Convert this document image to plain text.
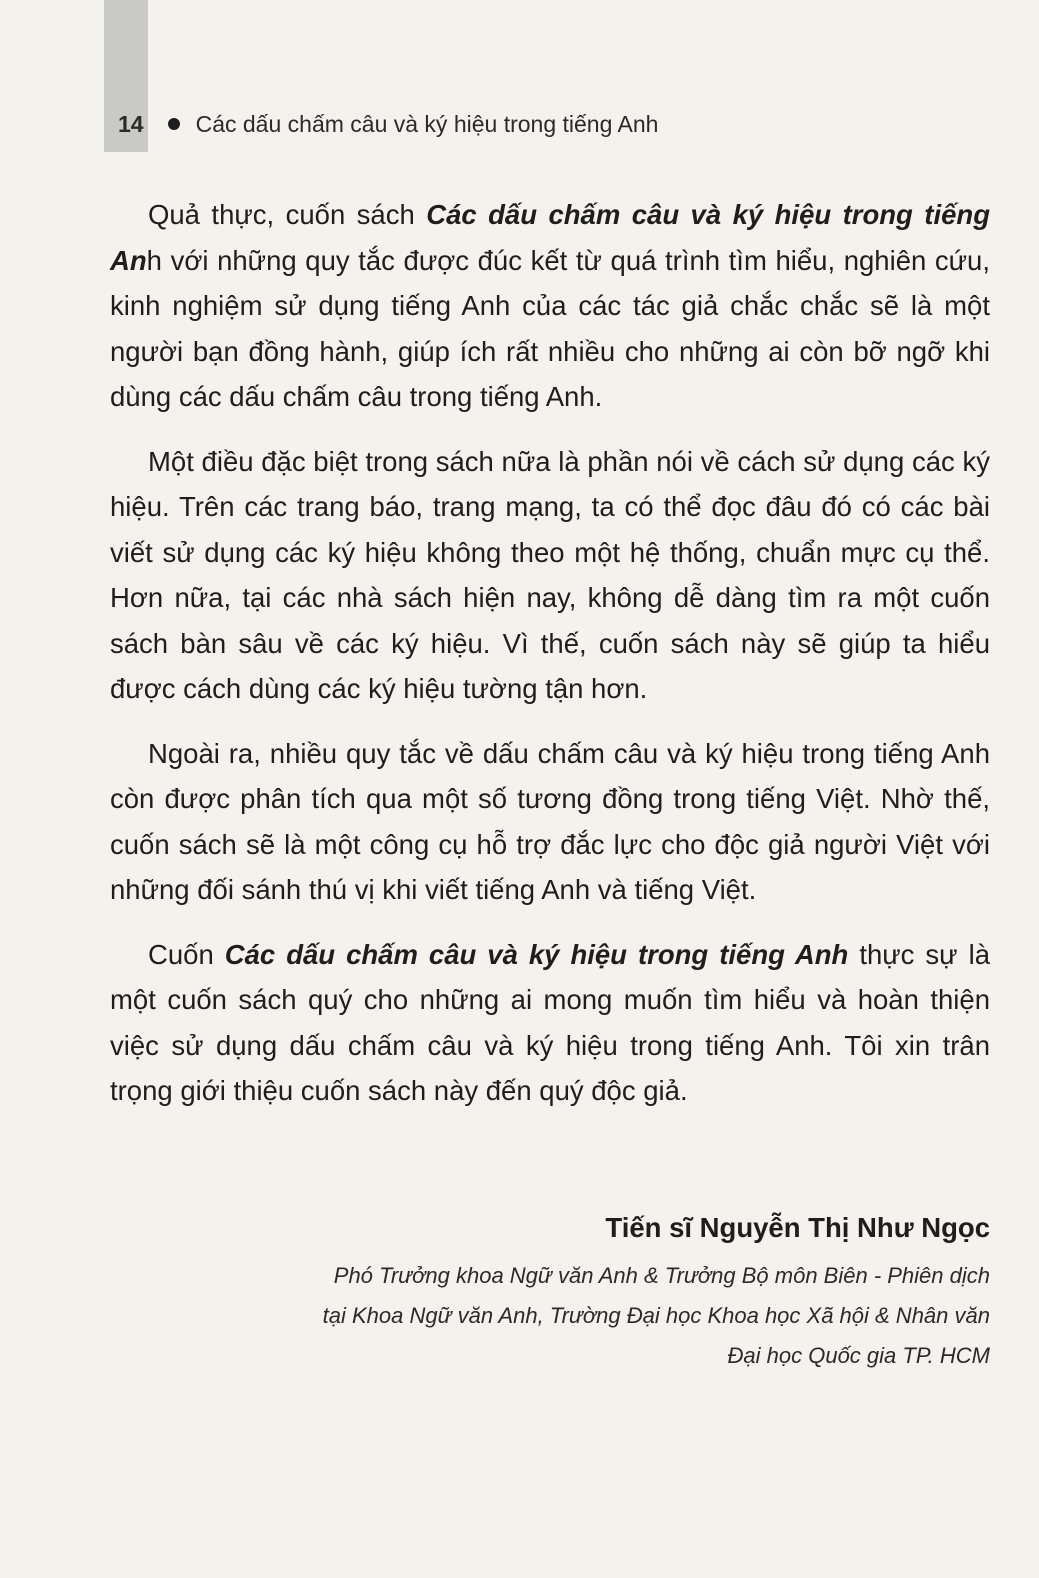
14 Các dấu chấm câu và ký hiệu trong tiếng Anh

Quả thực, cuốn sách Các dấu chấm câu và ký hiệu trong tiếng Anh với những quy tắc được đúc kết từ quá trình tìm hiểu, nghiên cứu, kinh nghiệm sử dụng tiếng Anh của các tác giả chắc chắc sẽ là một người bạn đồng hành, giúp ích rất nhiều cho những ai còn bỡ ngỡ khi dùng các dấu chấm câu trong tiếng Anh.

Một điều đặc biệt trong sách nữa là phần nói về cách sử dụng các ký hiệu. Trên các trang báo, trang mạng, ta có thể đọc đâu đó có các bài viết sử dụng các ký hiệu không theo một hệ thống, chuẩn mực cụ thể. Hơn nữa, tại các nhà sách hiện nay, không dễ dàng tìm ra một cuốn sách bàn sâu về các ký hiệu. Vì thế, cuốn sách này sẽ giúp ta hiểu được cách dùng các ký hiệu tường tận hơn.

Ngoài ra, nhiều quy tắc về dấu chấm câu và ký hiệu trong tiếng Anh còn được phân tích qua một số tương đồng trong tiếng Việt. Nhờ thế, cuốn sách sẽ là một công cụ hỗ trợ đắc lực cho độc giả người Việt với những đối sánh thú vị khi viết tiếng Anh và tiếng Việt.

Cuốn Các dấu chấm câu và ký hiệu trong tiếng Anh thực sự là một cuốn sách quý cho những ai mong muốn tìm hiểu và hoàn thiện việc sử dụng dấu chấm câu và ký hiệu trong tiếng Anh. Tôi xin trân trọng giới thiệu cuốn sách này đến quý độc giả.

Tiến sĩ Nguyễn Thị Như Ngọc
Phó Trưởng khoa Ngữ văn Anh & Trưởng Bộ môn Biên - Phiên dịch
tại Khoa Ngữ văn Anh, Trường Đại học Khoa học Xã hội & Nhân văn
Đại học Quốc gia TP. HCM
